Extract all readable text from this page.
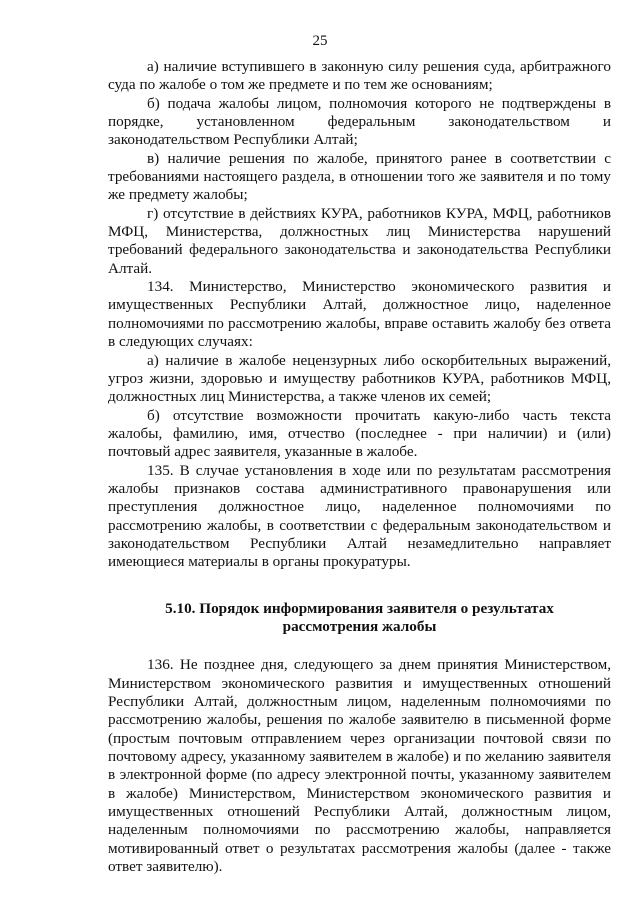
25

а) наличие вступившего в законную силу решения суда, арбитражного суда по жалобе о том же предмете и по тем же основаниям;

б) подача жалобы лицом, полномочия которого не подтверждены в порядке, установленном федеральным законодательством и законодательством Республики Алтай;

в) наличие решения по жалобе, принятого ранее в соответствии с требованиями настоящего раздела, в отношении того же заявителя и по тому же предмету жалобы;

г) отсутствие в действиях КУРА, работников КУРА, МФЦ, работников МФЦ, Министерства, должностных лиц Министерства нарушений требований федерального законодательства и законодательства Республики Алтай.

134. Министерство, Министерство экономического развития и имущественных Республики Алтай, должностное лицо, наделенное полномочиями по рассмотрению жалобы, вправе оставить жалобу без ответа в следующих случаях:

а) наличие в жалобе нецензурных либо оскорбительных выражений, угроз жизни, здоровью и имуществу работников КУРА, работников МФЦ, должностных лиц Министерства, а также членов их семей;

б) отсутствие возможности прочитать какую-либо часть текста жалобы, фамилию, имя, отчество (последнее - при наличии) и (или) почтовый адрес заявителя, указанные в жалобе.

135. В случае установления в ходе или по результатам рассмотрения жалобы признаков состава административного правонарушения или преступления должностное лицо, наделенное полномочиями по рассмотрению жалобы, в соответствии с федеральным законодательством и законодательством Республики Алтай незамедлительно направляет имеющиеся материалы в органы прокуратуры.

5.10. Порядок информирования заявителя о результатах
рассмотрения жалобы

136. Не позднее дня, следующего за днем принятия Министерством, Министерством экономического развития и имущественных отношений Республики Алтай, должностным лицом, наделенным полномочиями по рассмотрению жалобы, решения по жалобе заявителю в письменной форме (простым почтовым отправлением через организации почтовой связи по почтовому адресу, указанному заявителем в жалобе) и по желанию заявителя в электронной форме (по адресу электронной почты, указанному заявителем в жалобе) Министерством, Министерством экономического развития и имущественных отношений Республики Алтай, должностным лицом, наделенным полномочиями по рассмотрению жалобы, направляется мотивированный ответ о результатах рассмотрения жалобы (далее - также ответ заявителю).
